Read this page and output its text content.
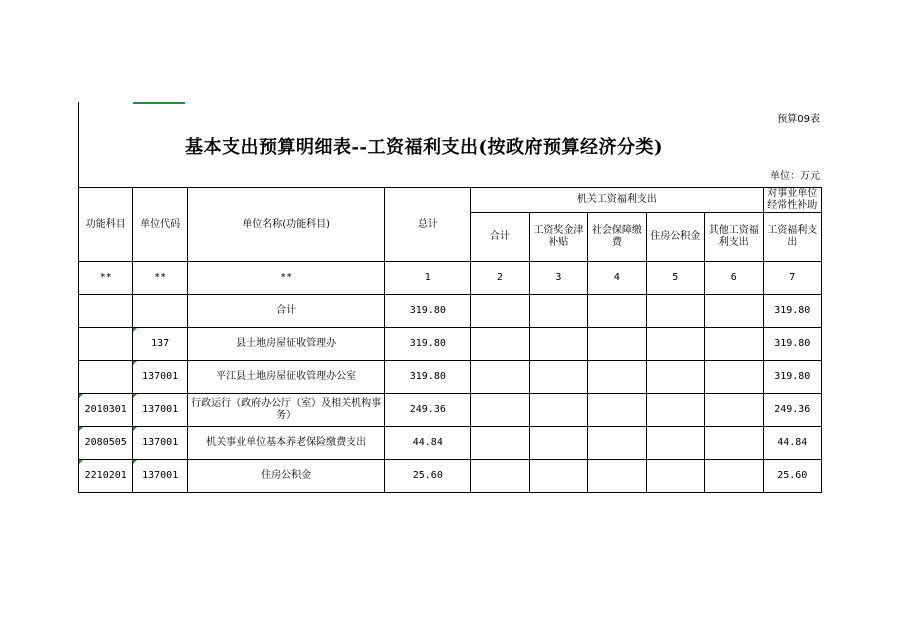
预算09表
基本支出预算明细表--工资福利支出(按政府预算经济分类)
单位：万元
功能科目	单位代码	单位名称(功能科目)	总计	机关工资福利支出					对事业单位经常性补助

				合计	工资奖金津补贴	社会保障缴费	住房公积金	其他工资福利支出	工资福利支出
**	**	**	1	2	3	4	5	6	7
		合计	319.80						319.80
	137	县土地房屋征收管理办	319.80						319.80
	137001	平江县土地房屋征收管理办公室	319.80						319.80
2010301	137001	行政运行（政府办公厅（室）及相关机构事务）	249.36						249.36
2080505	137001	机关事业单位基本养老保险缴费支出	44.84						44.84
2210201	137001	住房公积金	25.60						25.60
